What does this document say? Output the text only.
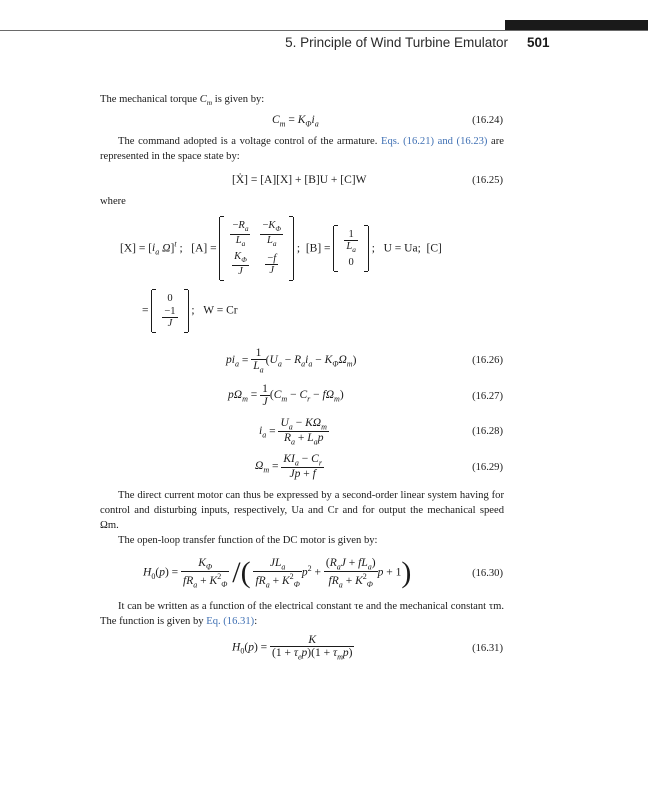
5. Principle of Wind Turbine Emulator 501
The mechanical torque $C_m$ is given by:
$C_m = K_\Phi i_a$	(16.24)
The command adopted is a voltage control of the armature. Eqs. (16.21) and (16.23) are represented in the space state by:
[Ẋ] = [A][X] + [B]U + [C]W	(16.25)
where
$[X] = [i_a$ Ω]$^t$ ;   $[A] = \frac{-R_a}{L_a}$	$\frac{-K_\Phi}{L_a}$

$\frac{K_\Phi}{J}$	$\frac{-f}{J}$
;  $[B] = \frac{1}{L_a}$

0
;   U = Ua; [C]
=
0

$\frac{-1}{J}$ ;   W = Cr
$pi_a = \frac{1}{L_a} (U_a - R_ai_a - K_\Phi\Omega_m)$	(16.26)
$p\Omega_m = \frac{1}{J} (C_m - C_r - f\Omega_m)$	(16.27)
$i_a = \frac{U_a - K\Omega_m}{R_a + L_ap}$	(16.28)
$\Omega_m = \frac{KI_a - C_r}{Jp + f}$	(16.29)
The direct current motor can thus be expressed by a second-order linear system having for control and disturbing inputs, respectively, Ua and Cr and for output the mechanical speed Ωm.
The open-loop transfer function of the DC motor is given by:
$H_0(p) = \frac{K_\Phi}{fR_a + K^2_\Phi}$ /( $\frac{JL_a}{fR_a + K^2_\Phi} p^2 + \frac{(R_aJ + fL_a)}{fR_a + K^2_\Phi}$ p + 1)	(16.30)
It can be written as a function of the electrical constant τe and the mechanical constant τm. The function is given by Eq. (16.31):
$H_0(p) = \frac{K}{(1 + \tau_ep)(1 + \tau_mp)}$	(16.31)
